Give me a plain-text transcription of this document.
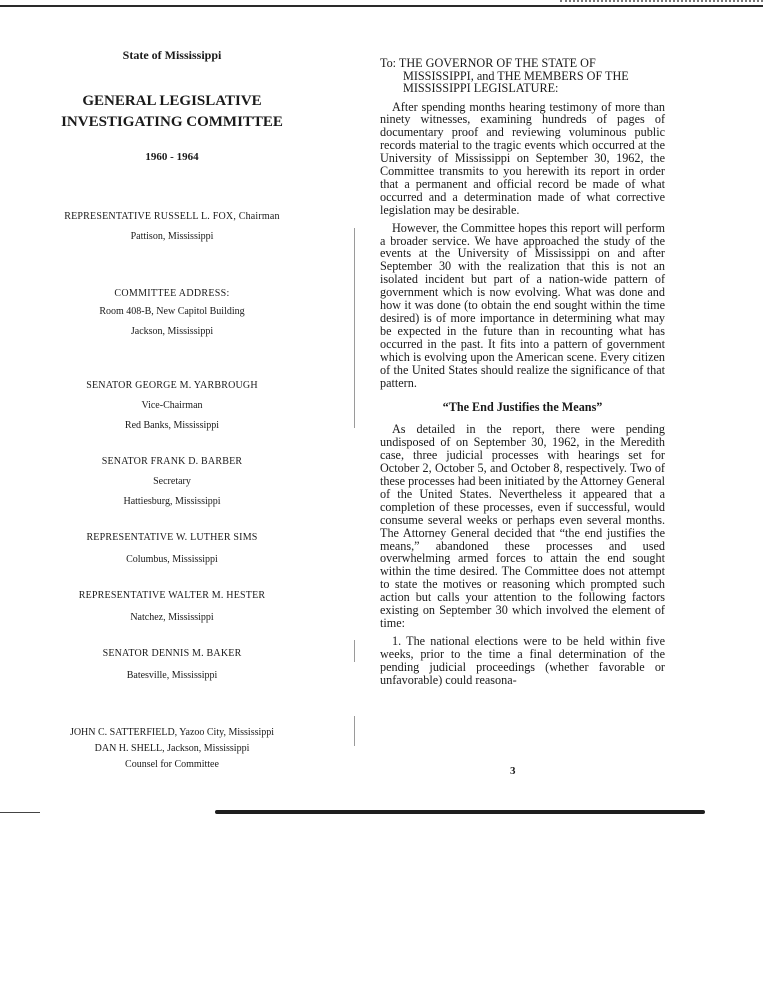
State of Mississippi

GENERAL LEGISLATIVE
INVESTIGATING COMMITTEE

1960 - 1964

REPRESENTATIVE RUSSELL L. FOX, Chairman

Pattison, Mississippi

COMMITTEE ADDRESS:

Room 408-B, New Capitol Building

Jackson, Mississippi

SENATOR GEORGE M. YARBROUGH

Vice-Chairman

Red Banks, Mississippi

SENATOR FRANK D. BARBER

Secretary

Hattiesburg, Mississippi

REPRESENTATIVE W. LUTHER SIMS

Columbus, Mississippi

REPRESENTATIVE WALTER M. HESTER

Natchez, Mississippi

SENATOR DENNIS M. BAKER

Batesville, Mississippi

JOHN C. SATTERFIELD, Yazoo City, Mississippi

DAN H. SHELL, Jackson, Mississippi

Counsel for Committee

To: THE GOVERNOR OF THE STATE OF MISSISSIPPI, and THE MEMBERS OF THE MISSISSIPPI LEGISLATURE:

After spending months hearing testimony of more than ninety witnesses, examining hundreds of pages of documentary proof and reviewing voluminous public records material to the tragic events which occurred at the University of Mississippi on September 30, 1962, the Committee transmits to you herewith its report in order that a permanent and official record be made of what occurred and a determination made of what corrective legislation may be desirable.

However, the Committee hopes this report will perform a broader service. We have approached the study of the events at the University of Mississippi on and after September 30 with the realization that this is not an isolated incident but part of a nation-wide pattern of government which is now evolving. What was done and how it was done (to obtain the end sought within the time desired) is of more importance in determining what may be expected in the future than in recounting what has occurred in the past. It fits into a pattern of government which is evolving upon the American scene. Every citizen of the United States should realize the significance of that pattern.

“The End Justifies the Means”

As detailed in the report, there were pending undisposed of on September 30, 1962, in the Meredith case, three judicial processes with hearings set for October 2, October 5, and October 8, respectively. Two of these processes had been initiated by the Attorney General of the United States. Nevertheless it appeared that a completion of these processes, even if successful, would consume several weeks or perhaps even several months. The Attorney General decided that “the end justifies the means,” abandoned these processes and used overwhelming armed forces to attain the end sought within the time desired. The Committee does not attempt to state the motives or reasoning which prompted such action but calls your attention to the following factors existing on September 30 which involved the element of time:

1. The national elections were to be held within five weeks, prior to the time a final determination of the pending judicial proceedings (whether favorable or unfavorable) could reasona-

3
